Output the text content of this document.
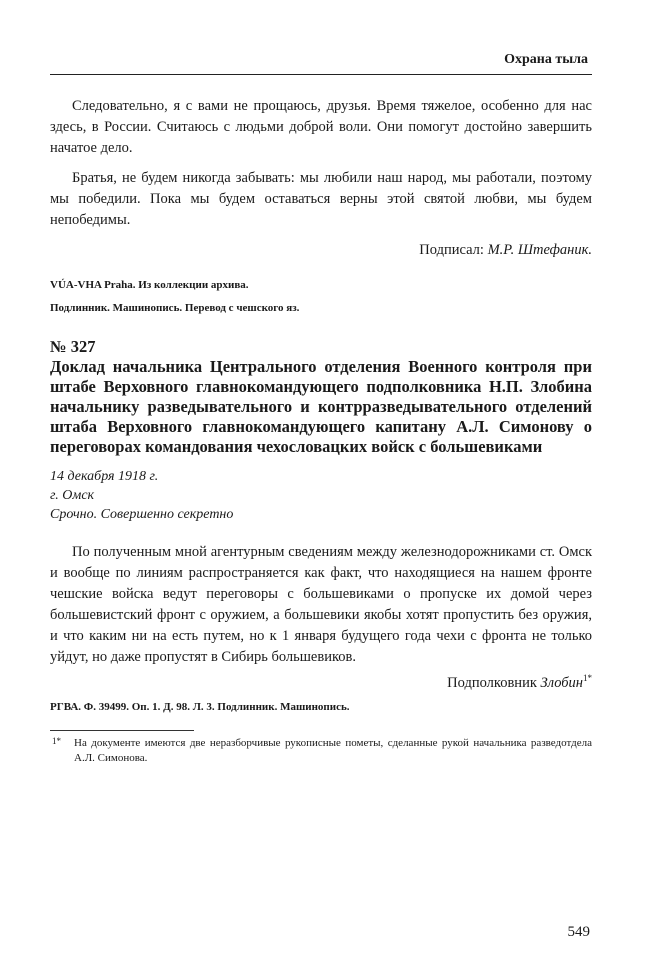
Охрана тыла

Следовательно, я с вами не прощаюсь, друзья. Время тяжелое, особенно для нас здесь, в России. Считаюсь с людьми доброй воли. Они помогут достойно завершить начатое дело.

Братья, не будем никогда забывать: мы любили наш народ, мы работали, поэтому мы победили. Пока мы будем оставаться верны этой святой любви, мы будем непобедимы.

Подписал: М.Р. Штефаник.
VÚA-VHA Praha. Из коллекции архива.
Подлинник. Машинопись. Перевод с чешского яз.
№ 327
Доклад начальника Центрального отделения Военного контроля при штабе Верховного главнокомандующего подполковника Н.П. Злобина начальнику разведывательного и контрразведывательного отделений штаба Верховного главнокомандующего капитану А.Л. Симонову о переговорах командования чехословацких войск с большевиками
14 декабря 1918 г.
г. Омск
Срочно. Совершенно секретно

По полученным мной агентурным сведениям между железнодорожниками ст. Омск и вообще по линиям распространяется как факт, что находящиеся на нашем фронте чешские войска ведут переговоры с большевиками о пропуске их домой через большевистский фронт с оружием, а большевики якобы хотят пропустить без оружия, и что каким ни на есть путем, но к 1 января будущего года чехи с фронта не только уйдут, но даже пропустят в Сибирь большевиков.

Подполковник Злобин$^{1*}$
РГВА. Ф. 39499. Оп. 1. Д. 98. Л. 3. Подлинник. Машинопись.
1* На документе имеются две неразборчивые рукописные пометы, сделанные рукой начальника разведотдела А.Л. Симонова.
549
